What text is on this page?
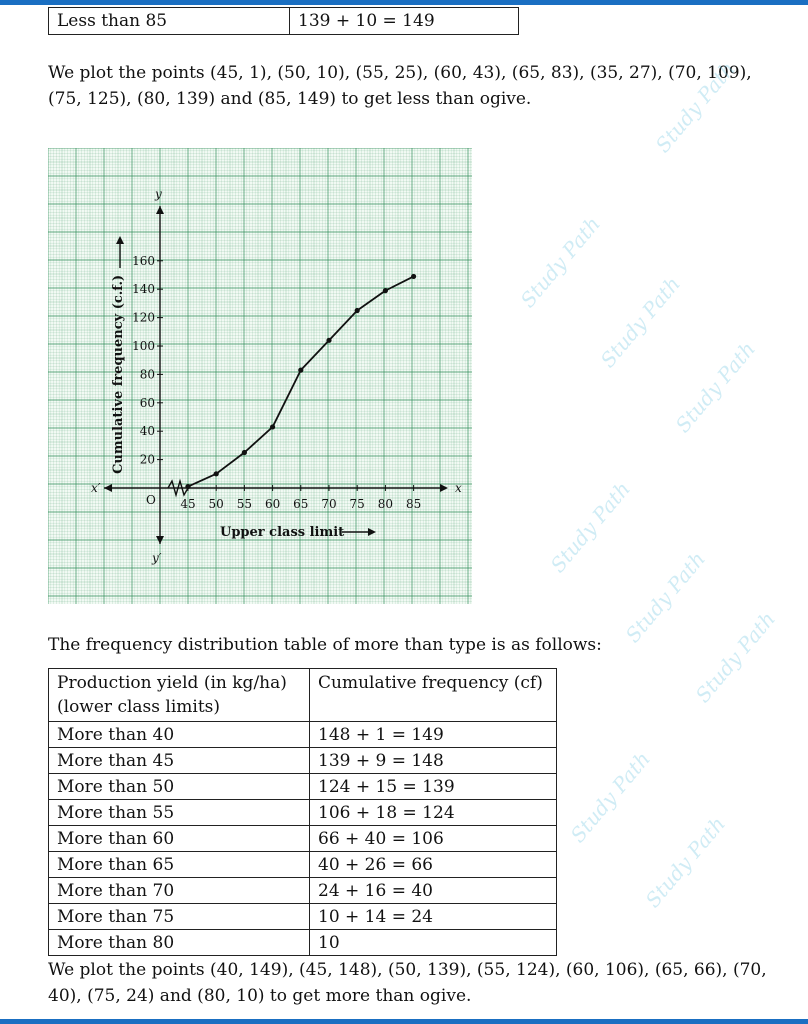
Less than 85	139 + 10 = 149

We plot the points (45, 1), (50, 10), (55, 25), (60, 43), (65, 83), (35, 27), (70, 109), (75, 125), (80, 139) and (85, 149) to get less than ogive.

x
x′
y
y′
O 45 50 55 60 65 70 75 80 85
20
40
60
80
100
120
140
160
Upper class limit
Cumulative frequency (c.f.)

The frequency distribution table of more than type is as follows:

Production yield (in kg/ha) (lower class limits)	Cumulative frequency (cf)
More than 40	148 + 1 = 149
More than 45	139 + 9 = 148
More than 50	124 + 15 = 139
More than 55	106 + 18 = 124
More than 60	66 + 40 = 106
More than 65	40 + 26 = 66
More than 70	24 + 16 = 40
More than 75	10 + 14 = 24
More than 80	10

We plot the points (40, 149), (45, 148), (50, 139), (55, 124), (60, 106), (65, 66), (70, 40), (75, 24) and (80, 10) to get more than ogive.

Study Path
Study Path
Study Path
Study Path
Study Path
Study Path
Study Path
Study Path
Study Path
